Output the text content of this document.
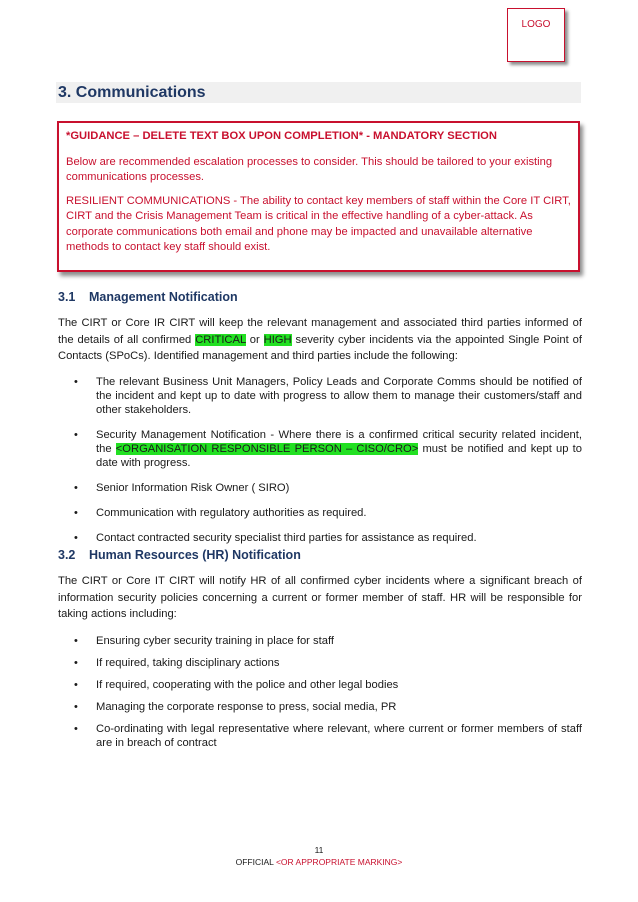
LOGO
3. Communications

*GUIDANCE – DELETE TEXT BOX UPON COMPLETION* - MANDATORY SECTION

Below are recommended escalation processes to consider. This should be tailored to your existing communications processes.

RESILIENT COMMUNICATIONS - The ability to contact key members of staff within the Core IT CIRT, CIRT and the Crisis Management Team is critical in the effective handling of a cyber-attack. As corporate communications both email and phone may be impacted and unavailable alternative methods to contact key staff should exist.

3.1 Management Notification
The CIRT or Core IR CIRT will keep the relevant management and associated third parties informed of the details of all confirmed CRITICAL or HIGH severity cyber incidents via the appointed Single Point of Contacts (SPoCs). Identified management and third parties include the following:
• The relevant Business Unit Managers, Policy Leads and Corporate Comms should be notified of the incident and kept up to date with progress to allow them to manage their customers/staff and other stakeholders.
• Security Management Notification - Where there is a confirmed critical security related incident, the <ORGANISATION RESPONSIBLE PERSON – CISO/CRO> must be notified and kept up to date with progress.
• Senior Information Risk Owner ( SIRO)
• Communication with regulatory authorities as required.
• Contact contracted security specialist third parties for assistance as required.
3.2 Human Resources (HR) Notification
The CIRT or Core IT CIRT will notify HR of all confirmed cyber incidents where a significant breach of information security policies concerning a current or former member of staff. HR will be responsible for taking actions including:
• Ensuring cyber security training in place for staff
• If required, taking disciplinary actions
• If required, cooperating with the police and other legal bodies
• Managing the corporate response to press, social media, PR
• Co-ordinating with legal representative where relevant, where current or former members of staff are in breach of contract
11
OFFICIAL <OR APPROPRIATE MARKING>
